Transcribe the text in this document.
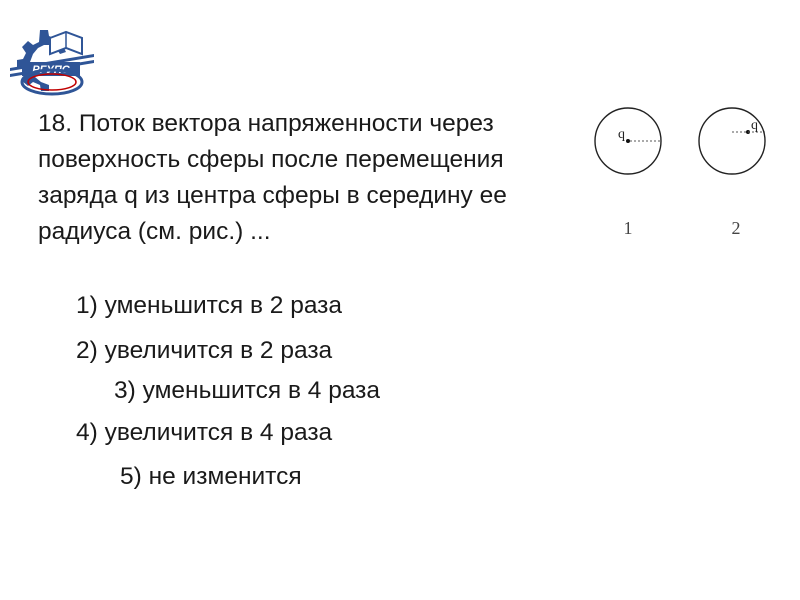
РГУПС

18. Поток вектора напряженности через
поверхность сферы после перемещения
заряда q из центра сферы в середину ее
радиуса (см. рис.) ...

1) уменьшится в 2 раза

2) увеличится в 2 раза

3) уменьшится в 4 раза

4) увеличится в 4 раза

5) не изменится

q
1
q
2
